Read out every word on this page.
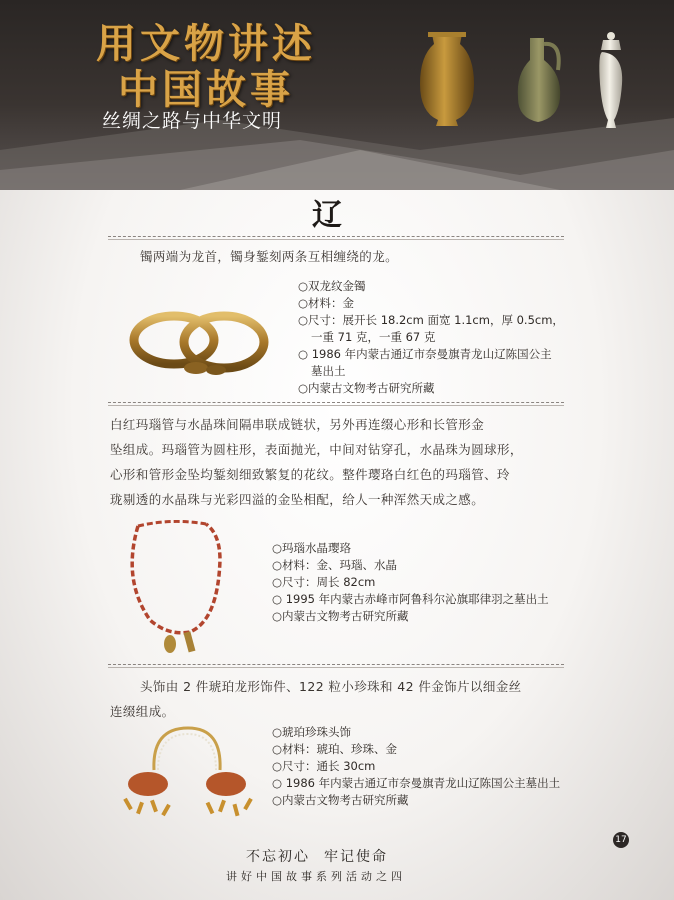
用文物讲述
中国故事
丝绸之路与中华文明
辽

镯两端为龙首，镯身錾刻两条互相缠绕的龙。

○双龙纹金镯
○材料：金
○尺寸：展开长 18.2cm 面宽 1.1cm，厚 0.5cm，
一重 71 克，一重 67 克
○ 1986 年内蒙古通辽市奈曼旗青龙山辽陈国公主
墓出土
○内蒙古文物考古研究所藏

白红玛瑙管与水晶珠间隔串联成链状，另外再连缀心形和长管形金

坠组成。玛瑙管为圆柱形，表面抛光，中间对钻穿孔，水晶珠为圆球形，

心形和管形金坠均錾刻细致繁复的花纹。整件璎珞白红色的玛瑙管、玲

珑剔透的水晶珠与光彩四溢的金坠相配，给人一种浑然天成之感。

○玛瑙水晶璎珞
○材料：金、玛瑙、水晶
○尺寸：周长 82cm
○ 1995 年内蒙古赤峰市阿鲁科尔沁旗耶律羽之墓出土
○内蒙古文物考古研究所藏

头饰由 2 件琥珀龙形饰件、122 粒小珍珠和 42 件金饰片以细金丝

连缀组成。

○琥珀珍珠头饰
○材料：琥珀、珍珠、金
○尺寸：通长 30cm
○ 1986 年内蒙古通辽市奈曼旗青龙山辽陈国公主墓出土
○内蒙古文物考古研究所藏
17
不忘初心 牢记使命
讲好中国故事系列活动之四
